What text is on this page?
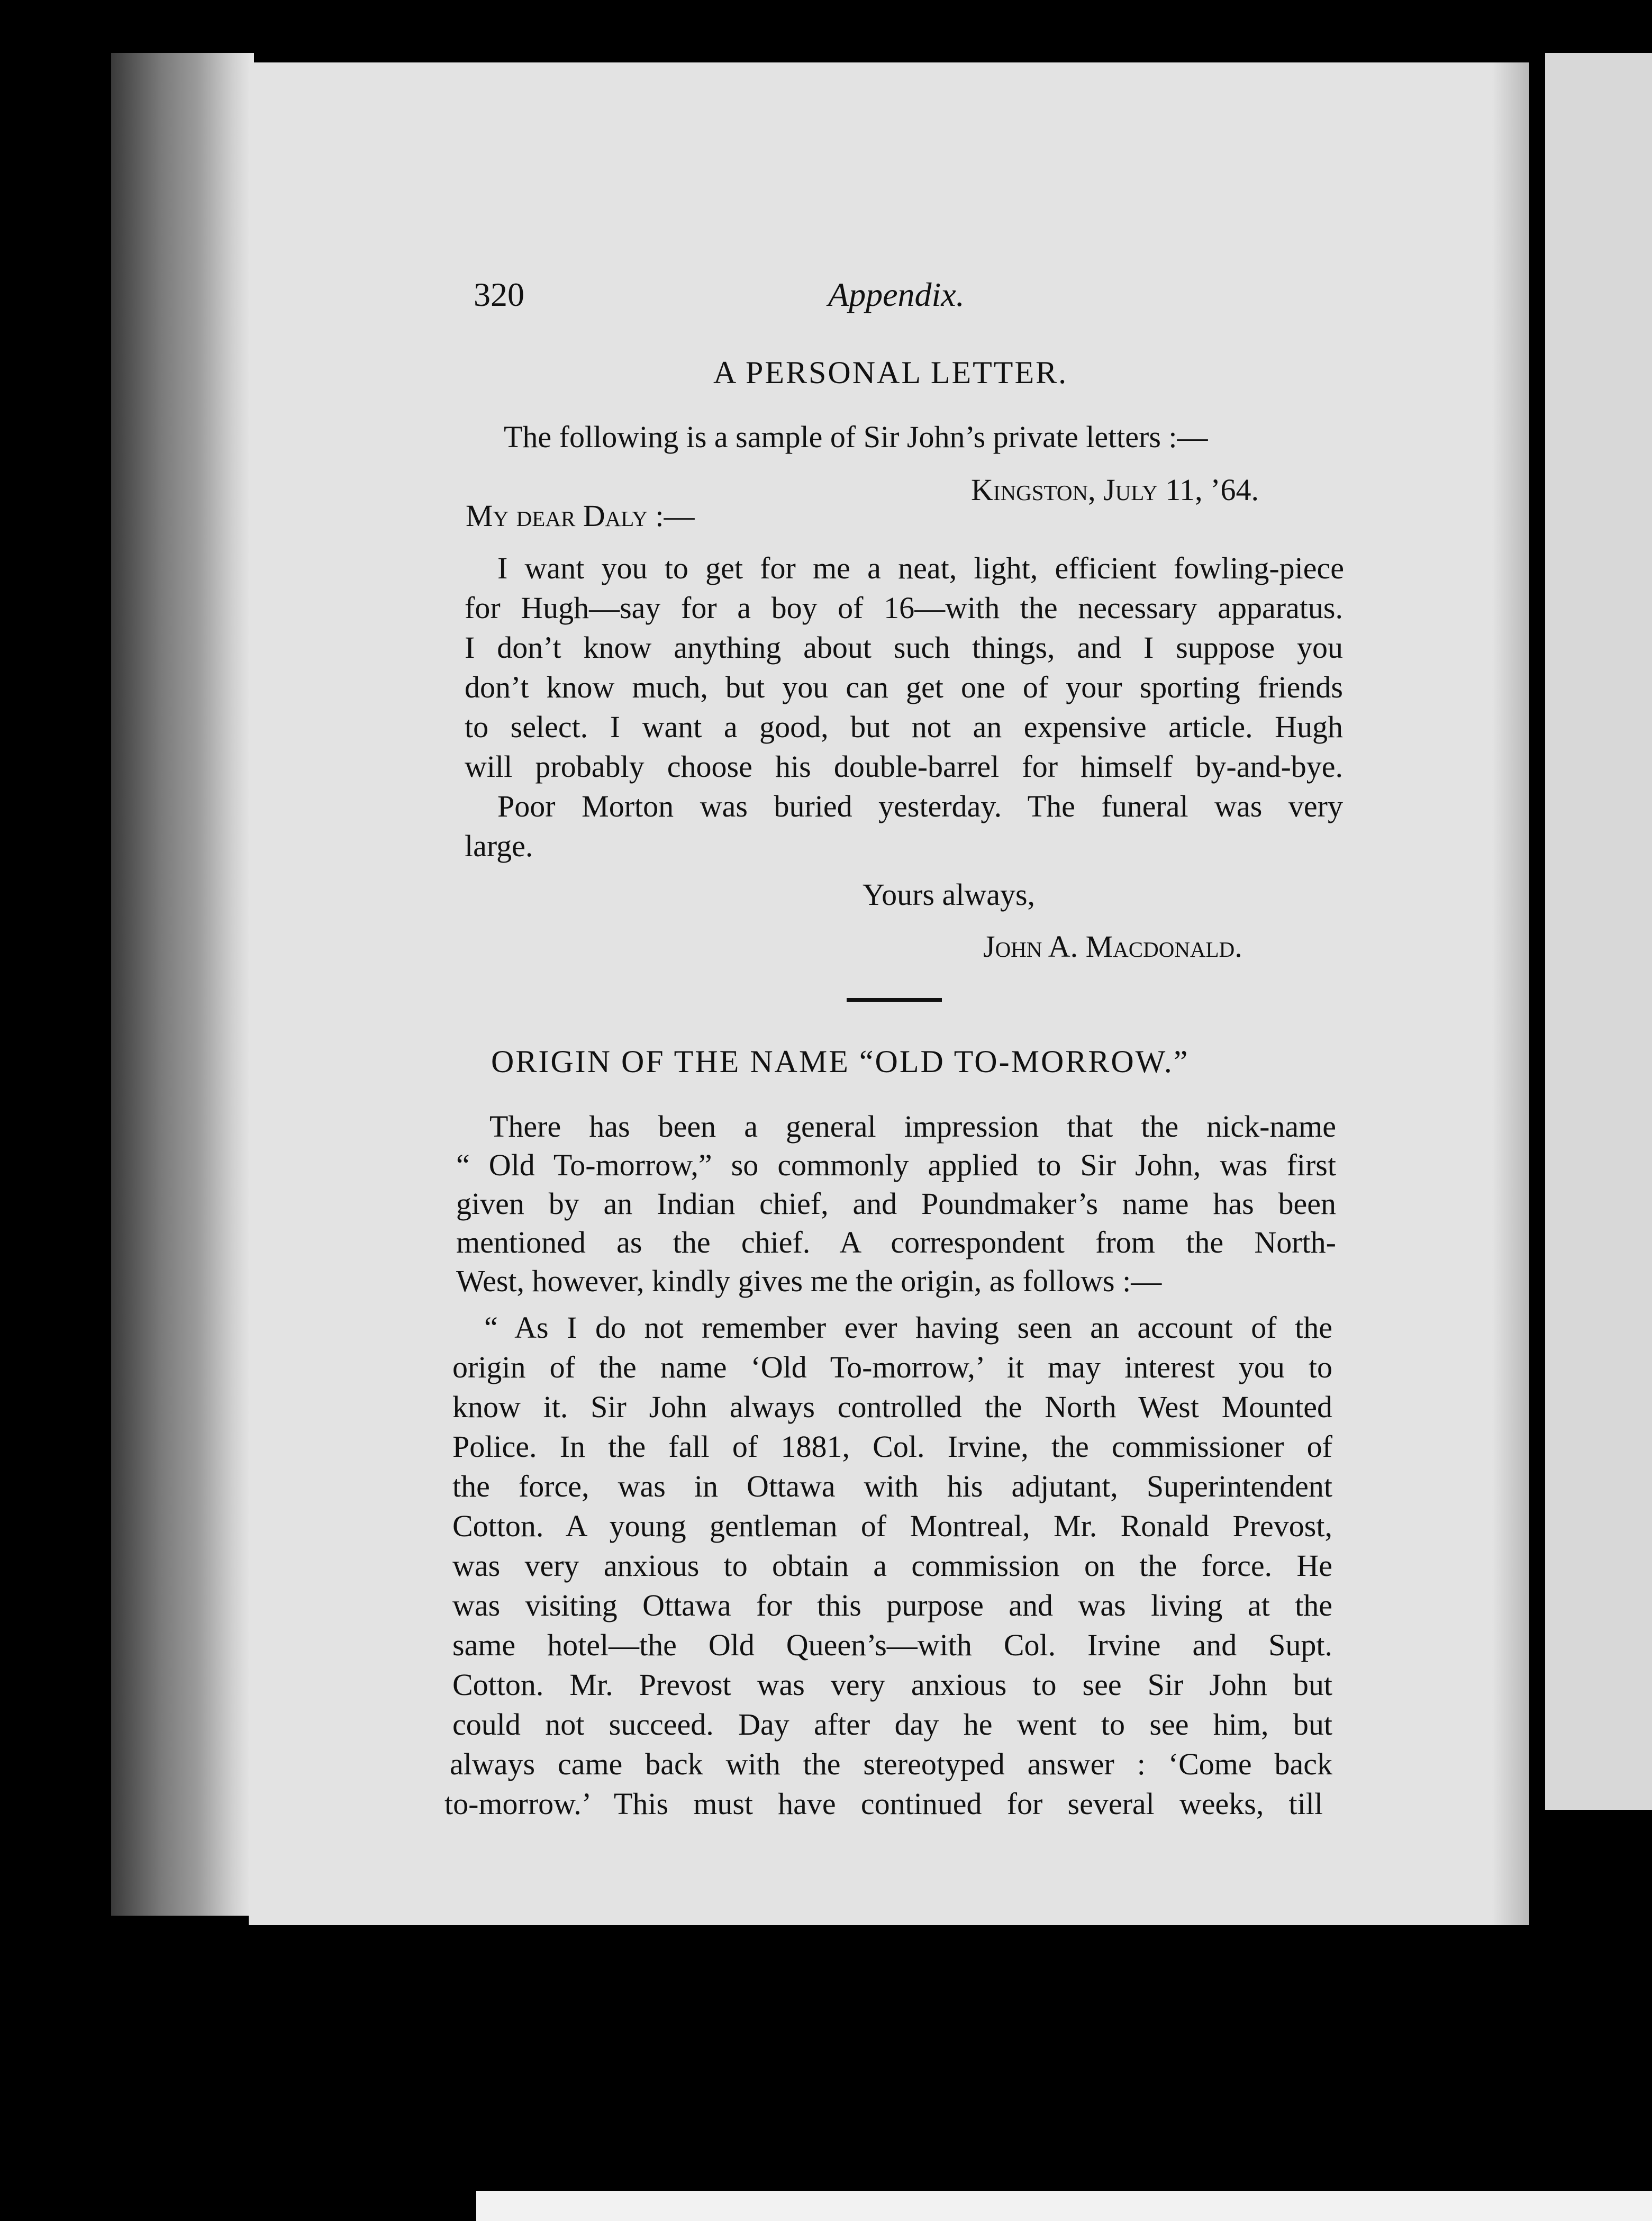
320	Appendix.
A PERSONAL LETTER.
The following is a sample of Sir John’s private letters :—
Kingston, July 11, ’64.
My dear Daly :—
I want you to get for me a neat, light, efficient fowling-piece
for Hugh—say for a boy of 16—with the necessary apparatus.
I don’t know anything about such things, and I suppose you
don’t know much, but you can get one of your sporting friends
to select. I want a good, but not an expensive article. Hugh
will probably choose his double-barrel for himself by-and-bye.
Poor Morton was buried yesterday. The funeral was very
large.
Yours always,
John A. Macdonald.
ORIGIN OF THE NAME “OLD TO-MORROW.”
There has been a general impression that the nick-name
“ Old To-morrow,” so commonly applied to Sir John, was first
given by an Indian chief, and Poundmaker’s name has been
mentioned as the chief. A correspondent from the North-
West, however, kindly gives me the origin, as follows :—
“ As I do not remember ever having seen an account of the
origin of the name ‘Old To-morrow,’ it may interest you to
know it. Sir John always controlled the North West Mounted
Police. In the fall of 1881, Col. Irvine, the commissioner of
the force, was in Ottawa with his adjutant, Superintendent
Cotton. A young gentleman of Montreal, Mr. Ronald Prevost,
was very anxious to obtain a commission on the force. He
was visiting Ottawa for this purpose and was living at the
same hotel—the Old Queen’s—with Col. Irvine and Supt.
Cotton. Mr. Prevost was very anxious to see Sir John but
could not succeed. Day after day he went to see him, but
always came back with the stereotyped answer : ‘Come back
to-morrow.’ This must have continued for several weeks, till
